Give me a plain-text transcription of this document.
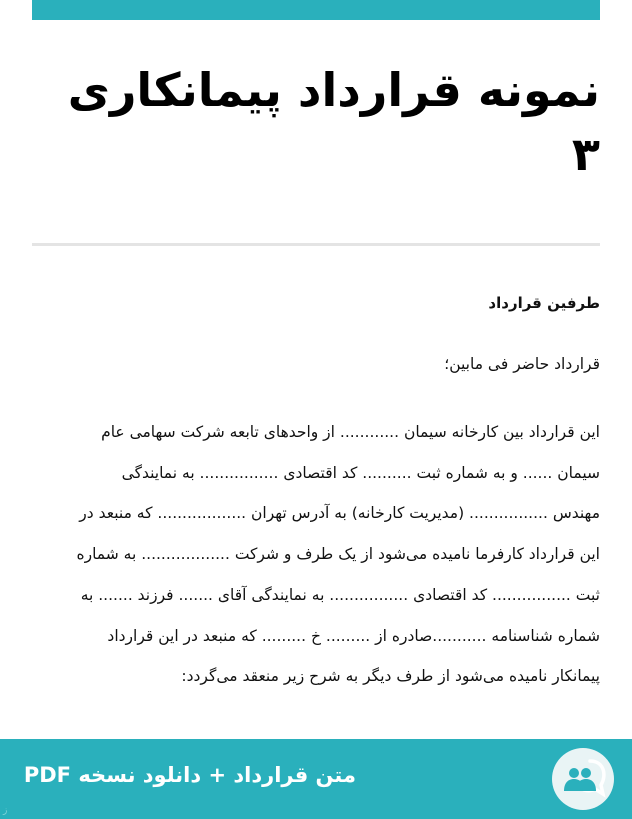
نمونه قرارداد پیمانکاری
۳
طرفین قرارداد

قرارداد حاضر فی مابین؛

این قرارداد بین کارخانه سیمان ............ از واحدهای تابعه شرکت سهامی عام
سیمان ...... و به شماره ثبت .......... کد اقتصادی ................ به نمایندگی
مهندس ................ (مدیریت کارخانه) به آدرس تهران .................. که منبعد در
این قرارداد کارفرما نامیده می‌شود از یک طرف و شرکت .................. به شماره
ثبت ................ کد اقتصادی ................ به نمایندگی آقای ....... فرزند ....... به
شماره شناسنامه ...........صادره از ......... خ ......... که منبعد در این قرارداد
پیمانکار نامیده می‌شود از طرف دیگر به شرح زیر منعقد می‌گردد:

متن قرارداد + دانلود نسخه PDF
ز
